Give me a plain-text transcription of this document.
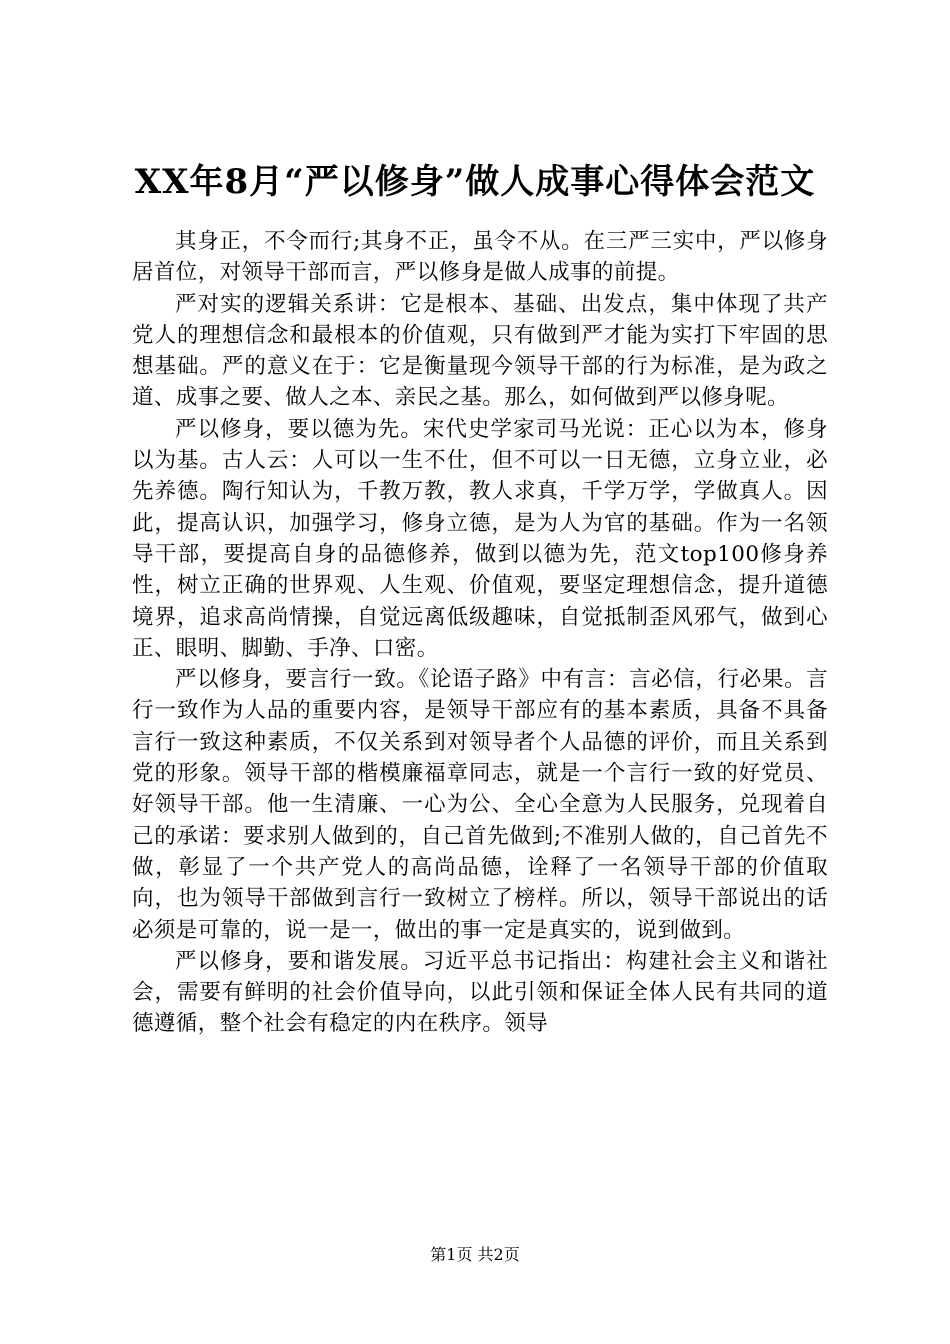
XX年8月“严以修身”做人成事心得体会范文

其身正，不令而行;其身不正，虽令不从。在三严三实中，严以修身居首位，对领导干部而言，严以修身是做人成事的前提。

严对实的逻辑关系讲：它是根本、基础、出发点，集中体现了共产党人的理想信念和最根本的价值观，只有做到严才能为实打下牢固的思想基础。严的意义在于：它是衡量现今领导干部的行为标准，是为政之道、成事之要、做人之本、亲民之基。那么，如何做到严以修身呢。

严以修身，要以德为先。宋代史学家司马光说：正心以为本，修身以为基。古人云：人可以一生不仕，但不可以一日无德，立身立业，必先养德。陶行知认为，千教万教，教人求真，千学万学，学做真人。因此，提高认识，加强学习，修身立德，是为人为官的基础。作为一名领导干部，要提高自身的品德修养，做到以德为先，范文top100修身养性，树立正确的世界观、人生观、价值观，要坚定理想信念，提升道德境界，追求高尚情操，自觉远离低级趣味，自觉抵制歪风邪气，做到心正、眼明、脚勤、手净、口密。

严以修身，要言行一致。《论语子路》中有言：言必信，行必果。言行一致作为人品的重要内容，是领导干部应有的基本素质，具备不具备言行一致这种素质，不仅关系到对领导者个人品德的评价，而且关系到党的形象。领导干部的楷模廉福章同志，就是一个言行一致的好党员、好领导干部。他一生清廉、一心为公、全心全意为人民服务，兑现着自己的承诺：要求别人做到的，自己首先做到;不准别人做的，自己首先不做，彰显了一个共产党人的高尚品德，诠释了一名领导干部的价值取向，也为领导干部做到言行一致树立了榜样。所以，领导干部说出的话必须是可靠的，说一是一，做出的事一定是真实的，说到做到。

严以修身，要和谐发展。习近平总书记指出：构建社会主义和谐社会，需要有鲜明的社会价值导向，以此引领和保证全体人民有共同的道德遵循，整个社会有稳定的内在秩序。领导

第1页 共2页
